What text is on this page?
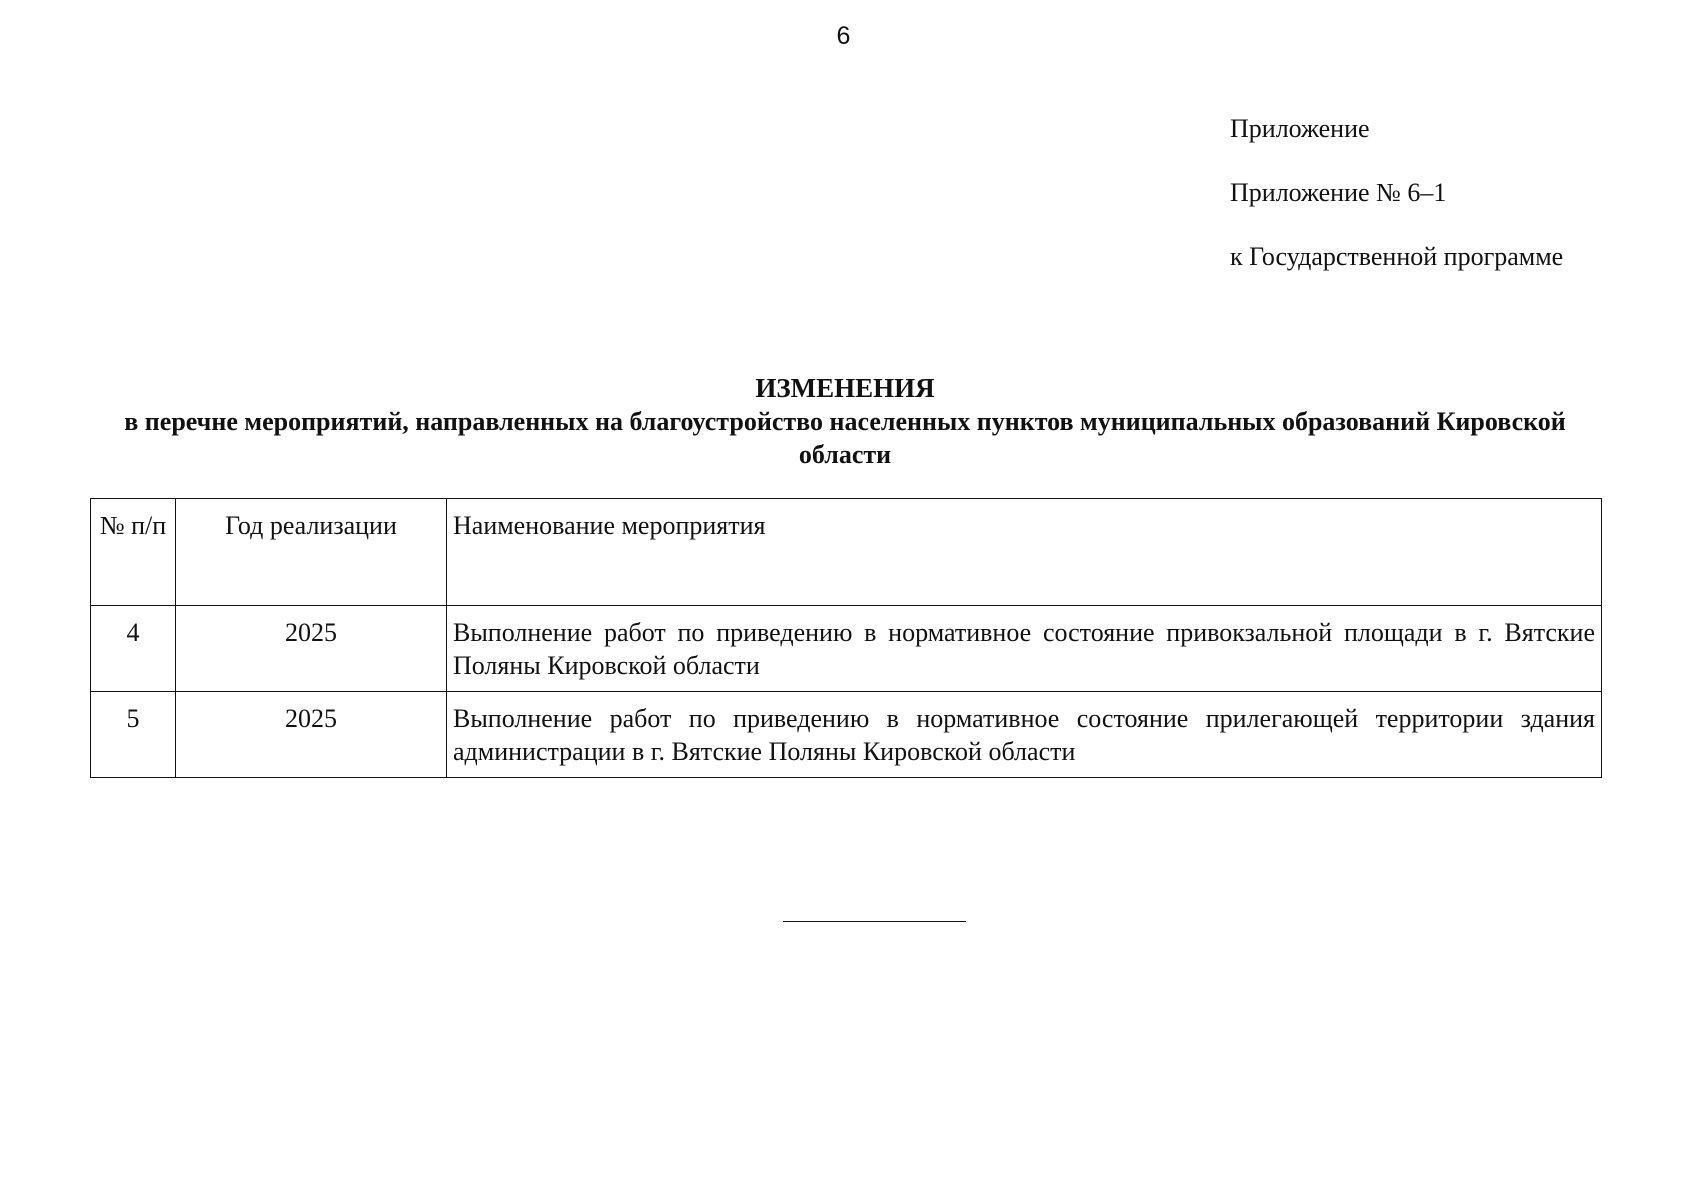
6
Приложение
Приложение № 6–1
к Государственной программе
ИЗМЕНЕНИЯ
в перечне мероприятий, направленных на благоустройство населенных пунктов муниципальных образований Кировской области
№ п/п	Год реализации	Наименование мероприятия
4	2025	Выполнение работ по приведению в нормативное состояние привокзальной площади в г. Вятские Поляны Кировской области
5	2025	Выполнение работ по приведению в нормативное состояние прилегающей территории здания администрации в г. Вятские Поляны Кировской области
